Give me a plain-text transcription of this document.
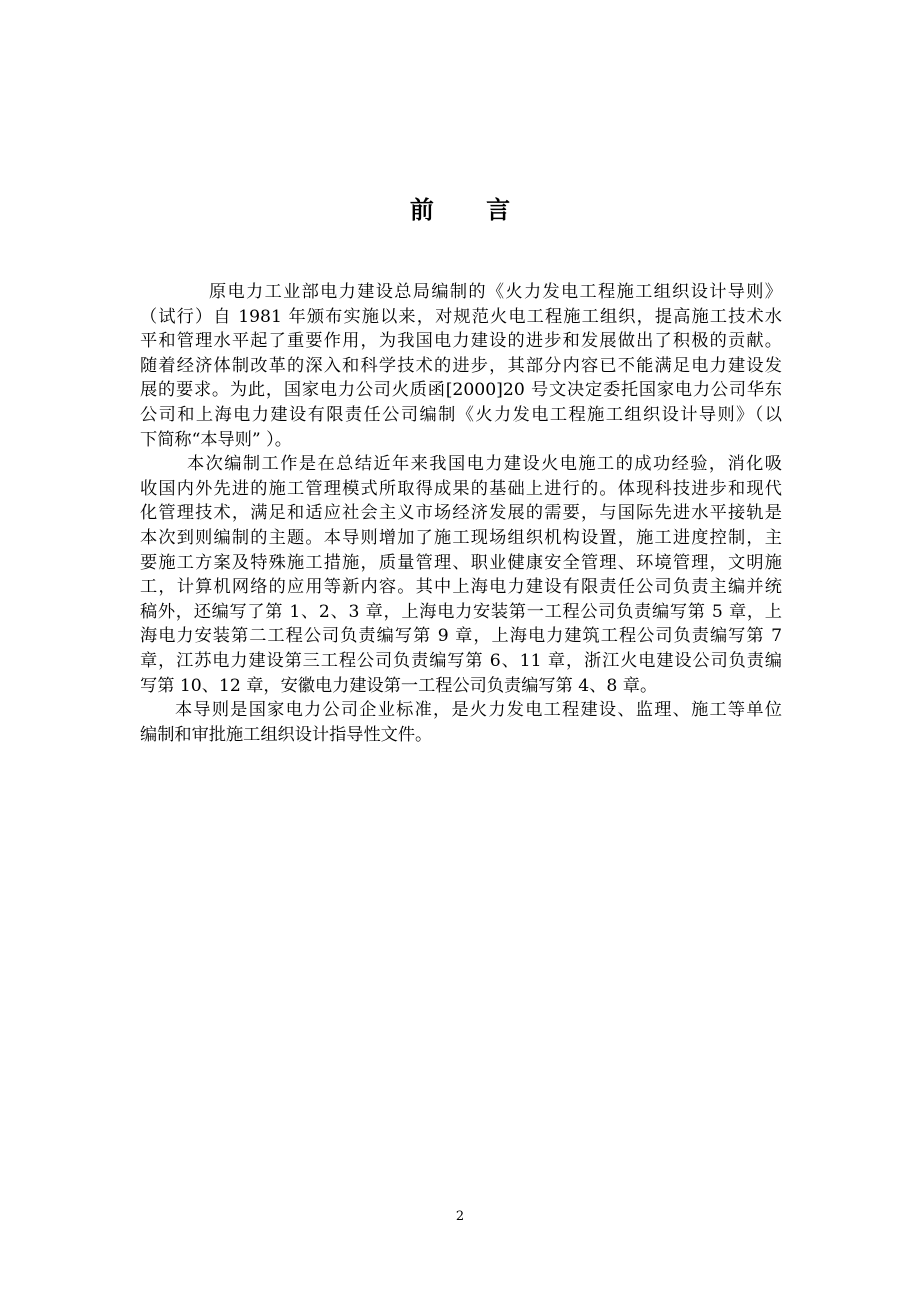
前 言

原电力工业部电力建设总局编制的《火力发电工程施工组织设计导则》
（试行）自 1981 年颁布实施以来，对规范火电工程施工组织，提高施工技术水
平和管理水平起了重要作用，为我国电力建设的进步和发展做出了积极的贡献。
随着经济体制改革的深入和科学技术的进步，其部分内容已不能满足电力建设发
展的要求。为此，国家电力公司火质函[2000]20 号文决定委托国家电力公司华东
公司和上海电力建设有限责任公司编制《火力发电工程施工组织设计导则》（以
下简称“本导则” ）。

本次编制工作是在总结近年来我国电力建设火电施工的成功经验，消化吸
收国内外先进的施工管理模式所取得成果的基础上进行的。体现科技进步和现代
化管理技术，满足和适应社会主义市场经济发展的需要，与国际先进水平接轨是
本次到则编制的主题。本导则增加了施工现场组织机构设置，施工进度控制，主
要施工方案及特殊施工措施，质量管理、职业健康安全管理、环境管理，文明施
工，计算机网络的应用等新内容。其中上海电力建设有限责任公司负责主编并统
稿外，还编写了第 1、2、3 章，上海电力安装第一工程公司负责编写第 5 章，上
海电力安装第二工程公司负责编写第 9 章，上海电力建筑工程公司负责编写第 7
章，江苏电力建设第三工程公司负责编写第 6、11 章，浙江火电建设公司负责编
写第 10、12 章，安徽电力建设第一工程公司负责编写第 4、8 章。

本导则是国家电力公司企业标准，是火力发电工程建设、监理、施工等单位
编制和审批施工组织设计指导性文件。

2
